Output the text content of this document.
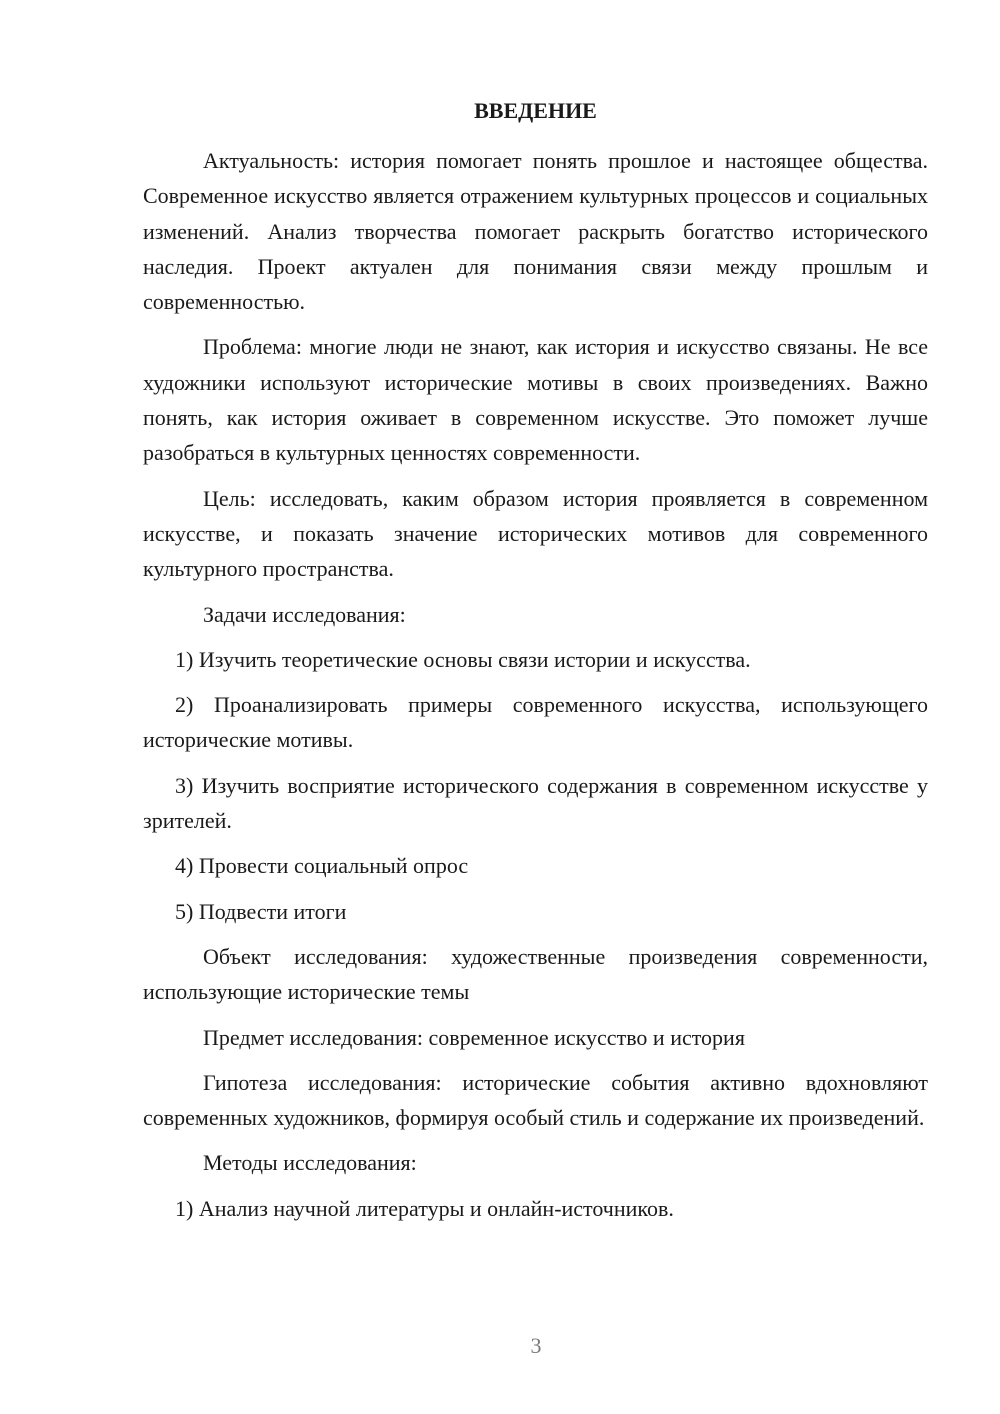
ВВЕДЕНИЕ

Актуальность: история помогает понять прошлое и настоящее общества. Современное искусство является отражением культурных процессов и социальных изменений. Анализ творчества помогает раскрыть богатство исторического наследия. Проект актуален для понимания связи между прошлым и современностью.

Проблема: многие люди не знают, как история и искусство связаны. Не все художники используют исторические мотивы в своих произведениях. Важно понять, как история оживает в современном искусстве. Это поможет лучше разобраться в культурных ценностях современности.

Цель: исследовать, каким образом история проявляется в современном искусстве, и показать значение исторических мотивов для современного культурного пространства.

Задачи исследования:

1) Изучить теоретические основы связи истории и искусства.

2) Проанализировать примеры современного искусства, использующего исторические мотивы.

3) Изучить восприятие исторического содержания в современном искусстве у зрителей.

4) Провести социальный опрос

5) Подвести итоги

Объект исследования: художественные произведения современности, использующие исторические темы

Предмет исследования: современное искусство и история

Гипотеза исследования: исторические события активно вдохновляют современных художников, формируя особый стиль и содержание их произведений.

Методы исследования:

1) Анализ научной литературы и онлайн-источников.

3
